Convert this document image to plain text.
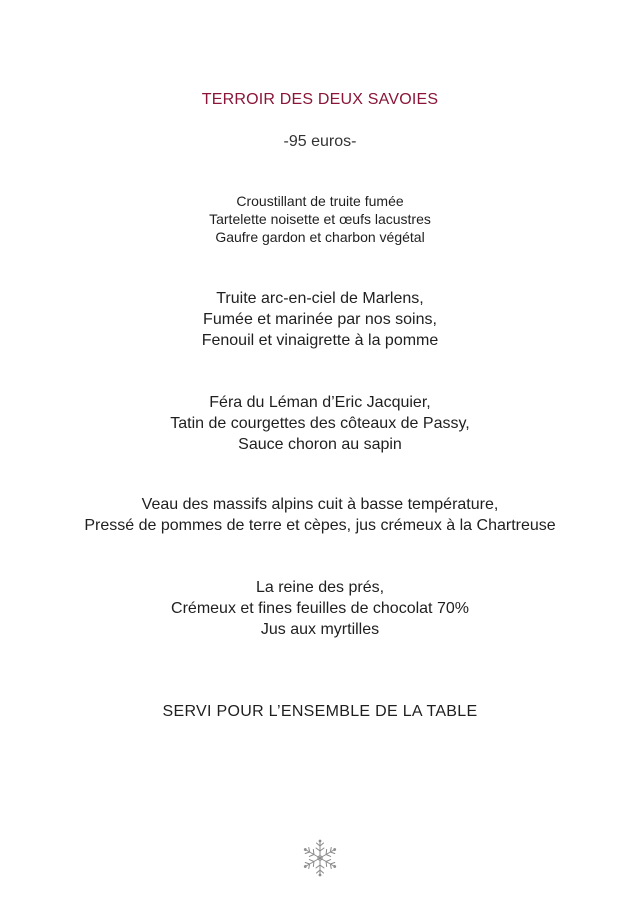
TERROIR DES DEUX SAVOIES
-95 euros-
Croustillant de truite fumée
Tartelette noisette et œufs lacustres
Gaufre gardon et charbon végétal
Truite arc-en-ciel de Marlens,
Fumée et marinée par nos soins,
Fenouil et vinaigrette à la pomme
Féra du Léman d’Eric Jacquier,
Tatin de courgettes des côteaux de Passy,
Sauce choron au sapin
Veau des massifs alpins cuit à basse température,
Pressé de pommes de terre et cèpes, jus crémeux à la Chartreuse
La reine des prés,
Crémeux et fines feuilles de chocolat 70%
Jus aux myrtilles
SERVI POUR L’ENSEMBLE DE LA TABLE
